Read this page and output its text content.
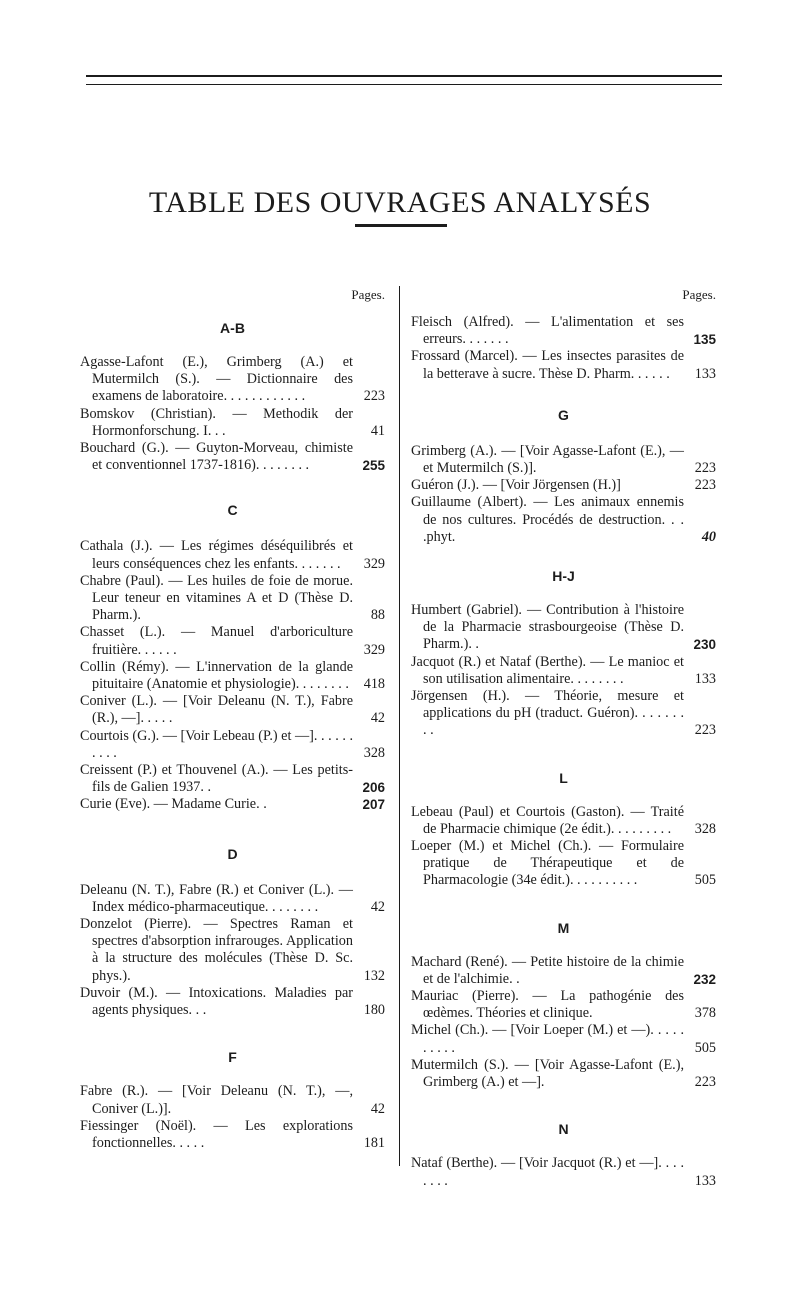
TABLE DES OUVRAGES ANALYSÉS
Pages.
A-B
Agasse-Lafont (E.), Grimberg (A.) et Mutermilch (S.). — Dictionnaire des examens de laboratoire. . . . . . . . . . . .	223
Bomskov (Christian). — Methodik der Hormonforschung. I. . .	41
Bouchard (G.). — Guyton-Morveau, chimiste et conventionnel 1737-1816). . . . . . . .	255
C
Cathala (J.). — Les régimes déséquilibrés et leurs conséquences chez les enfants. . . . . . .	329
Chabre (Paul). — Les huiles de foie de morue. Leur teneur en vitamines A et D (Thèse D. Pharm.).	88
Chasset (L.). — Manuel d'arboriculture fruitière. . . . . .	329
Collin (Rémy). — L'innervation de la glande pituitaire (Anatomie et physiologie). . . . . . . .	418
Coniver (L.). — [Voir Deleanu (N. T.), Fabre (R.), —]. . . . .	42
Courtois (G.). — [Voir Lebeau (P.) et —]. . . . . . . . . .	328
Creissent (P.) et Thouvenel (A.). — Les petits-fils de Galien 1937. .	206
Curie (Eve). — Madame Curie. .	207
D
Deleanu (N. T.), Fabre (R.) et Coniver (L.). — Index médico-pharmaceutique. . . . . . . .	42
Donzelot (Pierre). — Spectres Raman et spectres d'absorption infrarouges. Application à la structure des molécules (Thèse D. Sc. phys.).	132
Duvoir (M.). — Intoxications. Maladies par agents physiques. . .	180
F
Fabre (R.). — [Voir Deleanu (N. T.), —, Coniver (L.)].	42
Fiessinger (Noël). — Les explorations fonctionnelles. . . . .	181
Pages.
Fleisch (Alfred). — L'alimentation et ses erreurs. . . . . . .	135
Frossard (Marcel). — Les insectes parasites de la betterave à sucre. Thèse D. Pharm. . . . . .	133
G
Grimberg (A.). — [Voir Agasse-Lafont (E.), — et Mutermilch (S.)].	223
Guéron (J.). — [Voir Jörgensen (H.)]	223
Guillaume (Albert). — Les animaux ennemis de nos cultures. Procédés de destruction. . . .phyt.	40
H-J
Humbert (Gabriel). — Contribution à l'histoire de la Pharmacie strasbourgeoise (Thèse D. Pharm.). .	230
Jacquot (R.) et Nataf (Berthe). — Le manioc et son utilisation alimentaire. . . . . . . .	133
Jörgensen (H.). — Théorie, mesure et applications du pH (traduct. Guéron). . . . . . . . .	223
L
Lebeau (Paul) et Courtois (Gaston). — Traité de Pharmacie chimique (2e édit.). . . . . . . . .	328
Loeper (M.) et Michel (Ch.). — Formulaire pratique de Thérapeutique et de Pharmacologie (34e édit.). . . . . . . . . .	505
M
Machard (René). — Petite histoire de la chimie et de l'alchimie. .	232
Mauriac (Pierre). — La pathogénie des œdèmes. Théories et clinique.	378
Michel (Ch.). — [Voir Loeper (M.) et —). . . . . . . . . .	505
Mutermilch (S.). — [Voir Agasse-Lafont (E.), Grimberg (A.) et —].	223
N
Nataf (Berthe). — [Voir Jacquot (R.) et —]. . . . . . . .	133
